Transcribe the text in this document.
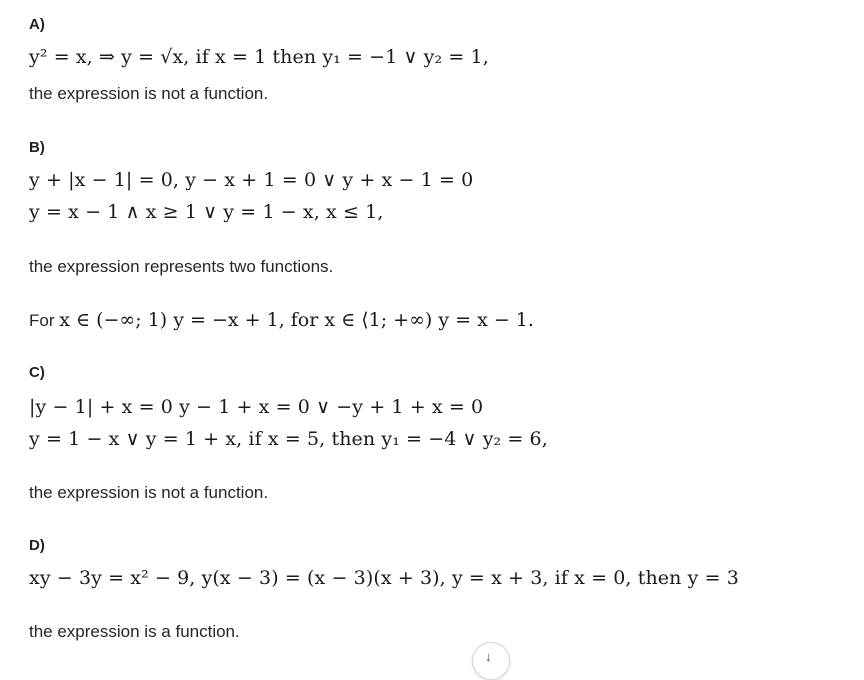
A)
y² = x, ⇒ y = √x, if x = 1 then y₁ = −1 ∨ y₂ = 1,
the expression is not a function.
B)
y + |x − 1| = 0, y − x + 1 = 0 ∨ y + x − 1 = 0
y = x − 1 ∧ x ≥ 1 ∨ y = 1 − x, x ≤ 1,
the expression represents two functions.
For x ∈ (−∞; 1) y = −x + 1, for x ∈ ⟨1; +∞) y = x − 1.
C)
|y − 1| + x = 0 y − 1 + x = 0 ∨ −y + 1 + x = 0
y = 1 − x ∨ y = 1 + x, if x = 5, then y₁ = −4 ∨ y₂ = 6,
the expression is not a function.
D)
xy − 3y = x² − 9, y(x − 3) = (x − 3)(x + 3), y = x + 3, if x = 0, then y = 3
the expression is a function.
↓
